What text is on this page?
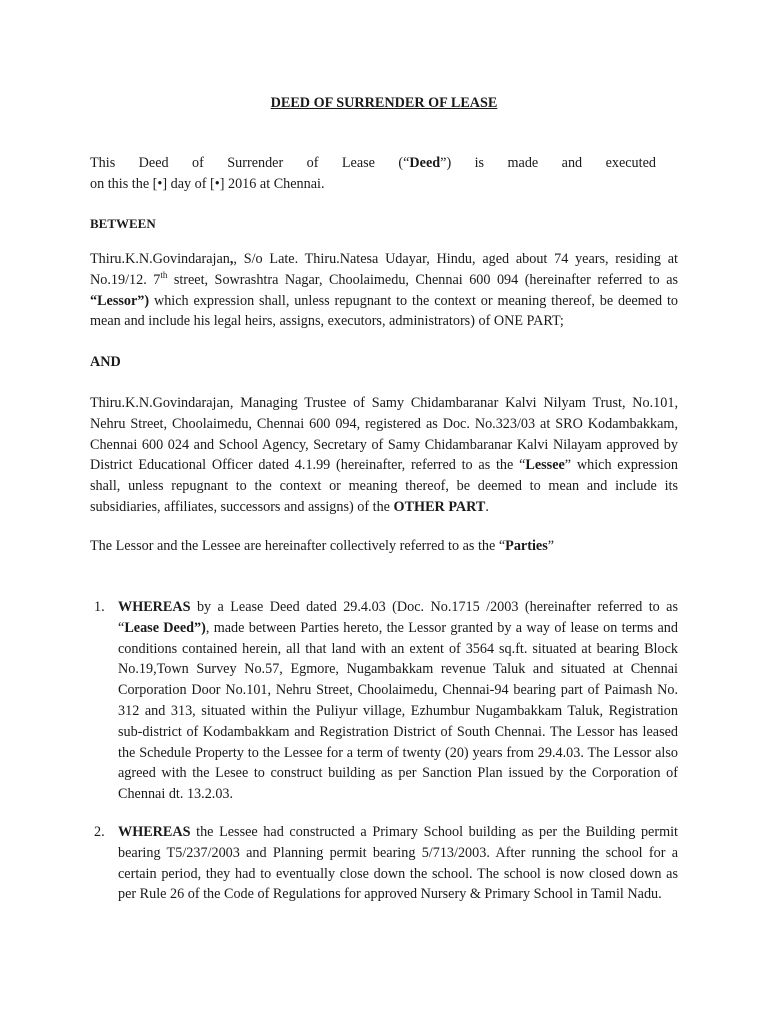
DEED OF SURRENDER OF LEASE
This Deed of Surrender of Lease (“Deed”) is made and executed
on this the [•] day of [•] 2016 at Chennai.
BETWEEN
Thiru.K.N.Govindarajan,, S/o Late. Thiru.Natesa Udayar, Hindu, aged about 74 years, residing at No.19/12. 7th street, Sowrashtra Nagar, Choolaimedu, Chennai 600 094 (hereinafter referred to as “Lessor”) which expression shall, unless repugnant to the context or meaning thereof, be deemed to mean and include his legal heirs, assigns, executors, administrators) of ONE PART;
AND
Thiru.K.N.Govindarajan, Managing Trustee of Samy Chidambaranar Kalvi Nilyam Trust, No.101, Nehru Street, Choolaimedu, Chennai 600 094, registered as Doc. No.323/03 at SRO Kodambakkam, Chennai 600 024 and School Agency, Secretary of Samy Chidambaranar Kalvi Nilayam approved by District Educational Officer dated 4.1.99 (hereinafter, referred to as the “Lessee” which expression shall, unless repugnant to the context or meaning thereof, be deemed to mean and include its subsidiaries, affiliates, successors and assigns) of the OTHER PART.
The Lessor and the Lessee are hereinafter collectively referred to as the “Parties”
1. WHEREAS by a Lease Deed dated 29.4.03 (Doc. No.1715 /2003 (hereinafter referred to as “Lease Deed”), made between Parties hereto, the Lessor granted by a way of lease on terms and conditions contained herein, all that land with an extent of 3564 sq.ft. situated at bearing Block No.19,Town Survey No.57, Egmore, Nugambakkam revenue Taluk and situated at Chennai Corporation Door No.101, Nehru Street, Choolaimedu, Chennai-94 bearing part of Paimash No. 312 and 313, situated within the Puliyur village, Ezhumbur Nugambakkam Taluk, Registration sub-district of Kodambakkam and Registration District of South Chennai. The Lessor has leased the Schedule Property to the Lessee for a term of twenty (20) years from 29.4.03. The Lessor also agreed with the Lesee to construct building as per Sanction Plan issued by the Corporation of Chennai dt. 13.2.03.
2. WHEREAS the Lessee had constructed a Primary School building as per the Building permit bearing T5/237/2003 and Planning permit bearing 5/713/2003. After running the school for a certain period, they had to eventually close down the school. The school is now closed down as per Rule 26 of the Code of Regulations for approved Nursery & Primary School in Tamil Nadu.
